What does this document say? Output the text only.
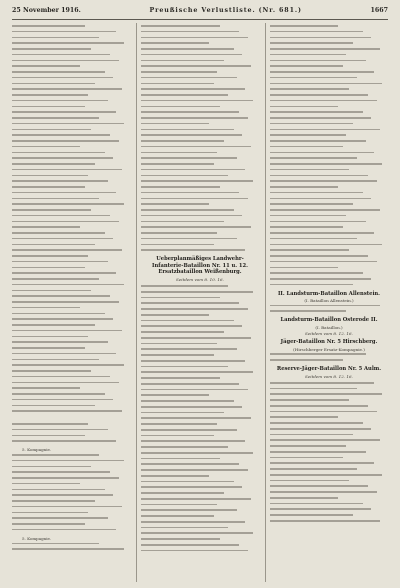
25 November 1916.	Preußische Verlustliste. (Nr. 681.)	1667
5. Kompagnie.
5. Kompagnie.
Ueberplanmäßiges Landwehr-Infanterie-Bataillon Nr. 11 u. 12. Ersatzbataillon Weißenburg.
Seitdem vom 8. 10. 16.
II. Landsturm-Bataillon Allenstein.
(I. Bataillon Allenstein.)
Landsturm-Bataillon Osterode II.
(I. Bataillon.)
Seitdem vom 8. 12. 16.
Jäger-Bataillon Nr. 5 Hirschberg.
(Hirschberger Ersatz-Kompagnie.)
Reserve-Jäger-Bataillon Nr. 5 Aulm.
Seitdem vom 8. 12. 16.
